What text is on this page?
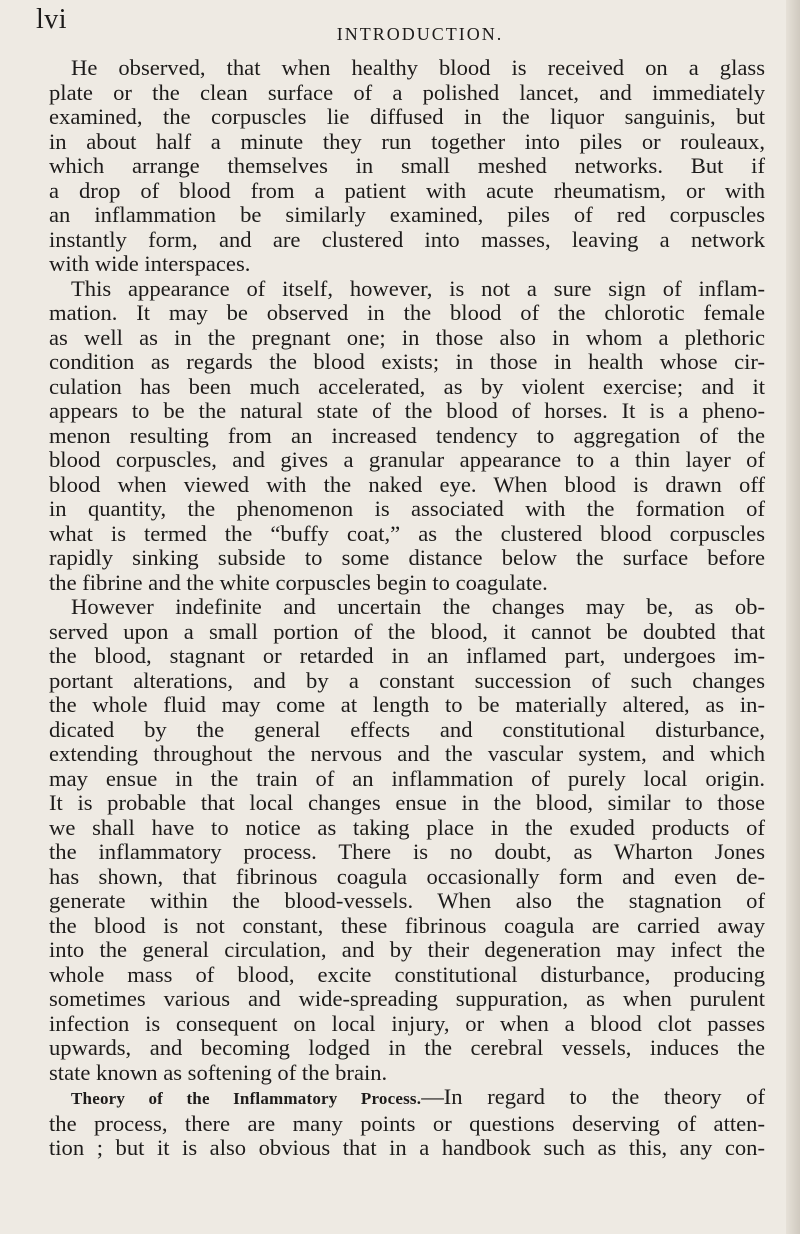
lvi	INTRODUCTION.

He observed, that when healthy blood is received on a glass
plate or the clean surface of a polished lancet, and immediately
examined, the corpuscles lie diffused in the liquor sanguinis, but
in about half a minute they run together into piles or rouleaux,
which arrange themselves in small meshed networks. But if
a drop of blood from a patient with acute rheumatism, or with
an inflammation be similarly examined, piles of red corpuscles
instantly form, and are clustered into masses, leaving a network
with wide interspaces.

This appearance of itself, however, is not a sure sign of inflam-
mation. It may be observed in the blood of the chlorotic female
as well as in the pregnant one; in those also in whom a plethoric
condition as regards the blood exists; in those in health whose cir-
culation has been much accelerated, as by violent exercise; and it
appears to be the natural state of the blood of horses. It is a pheno-
menon resulting from an increased tendency to aggregation of the
blood corpuscles, and gives a granular appearance to a thin layer of
blood when viewed with the naked eye. When blood is drawn off
in quantity, the phenomenon is associated with the formation of
what is termed the “buffy coat,” as the clustered blood corpuscles
rapidly sinking subside to some distance below the surface before
the fibrine and the white corpuscles begin to coagulate.

However indefinite and uncertain the changes may be, as ob-
served upon a small portion of the blood, it cannot be doubted that
the blood, stagnant or retarded in an inflamed part, undergoes im-
portant alterations, and by a constant succession of such changes
the whole fluid may come at length to be materially altered, as in-
dicated by the general effects and constitutional disturbance,
extending throughout the nervous and the vascular system, and which
may ensue in the train of an inflammation of purely local origin.
It is probable that local changes ensue in the blood, similar to those
we shall have to notice as taking place in the exuded products of
the inflammatory process. There is no doubt, as Wharton Jones
has shown, that fibrinous coagula occasionally form and even de-
generate within the blood-vessels. When also the stagnation of
the blood is not constant, these fibrinous coagula are carried away
into the general circulation, and by their degeneration may infect the
whole mass of blood, excite constitutional disturbance, producing
sometimes various and wide-spreading suppuration, as when purulent
infection is consequent on local injury, or when a blood clot passes
upwards, and becoming lodged in the cerebral vessels, induces the
state known as softening of the brain.

Theory of the Inflammatory Process.—In regard to the theory of
the process, there are many points or questions deserving of atten-
tion ; but it is also obvious that in a handbook such as this, any con-
